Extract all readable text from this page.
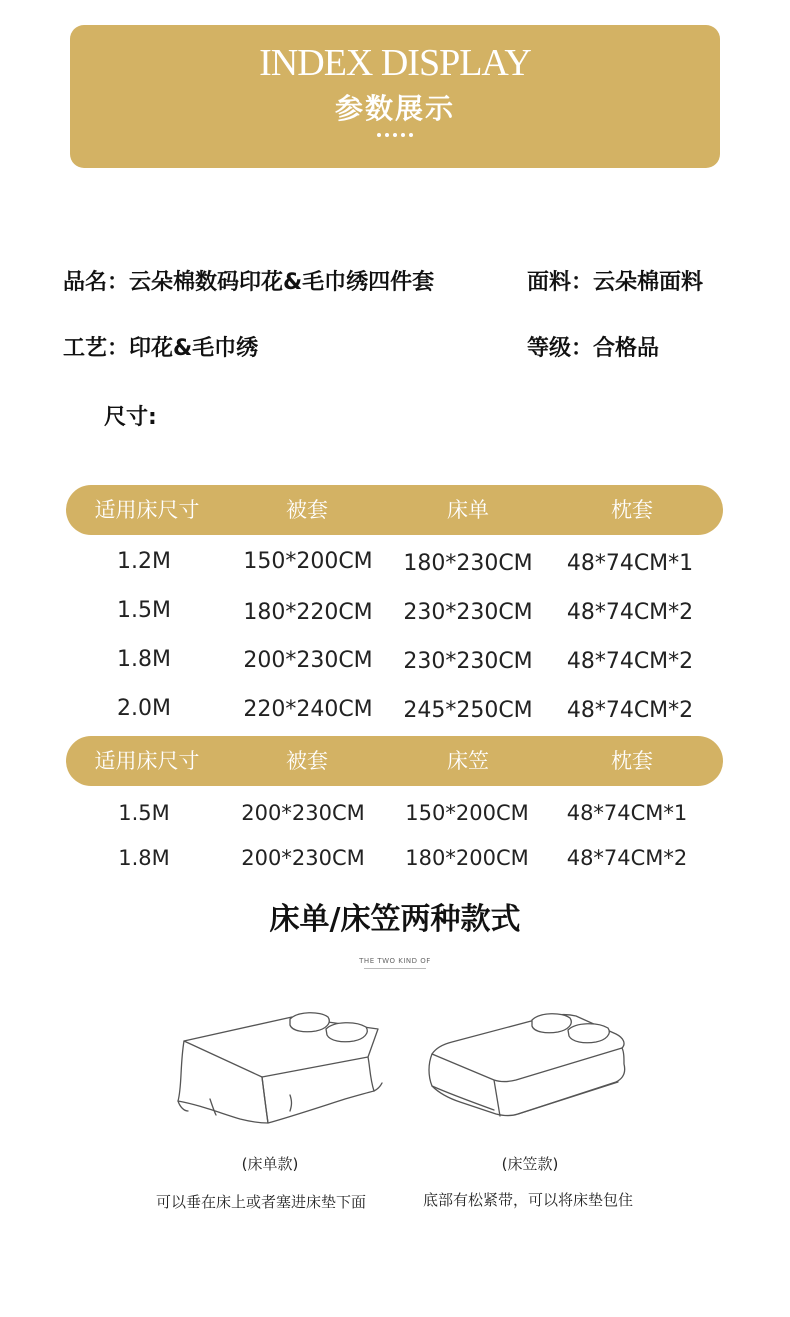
INDEX DISPLAY
参数展示
品名：云朵棉数码印花&毛巾绣四件套	面料：云朵棉面料
工艺：印花&毛巾绣	等级：合格品
尺寸:
适用床尺寸	被套	床单	枕套
1.2M	150*200CM 180*230CM 48*74CM*1
1.5M	180*220CM 230*230CM 48*74CM*2
1.8M	200*230CM 230*230CM 48*74CM*2
2.0M	220*240CM 245*250CM 48*74CM*2
适用床尺寸	被套	床笠	枕套
1.5M	200*230CM 150*200CM 48*74CM*1
1.8M	200*230CM 180*200CM 48*74CM*2
床单/床笠两种款式
THE TWO KIND OF
(床单款)
可以垂在床上或者塞进床垫下面
(床笠款)
底部有松紧带，可以将床垫包住
